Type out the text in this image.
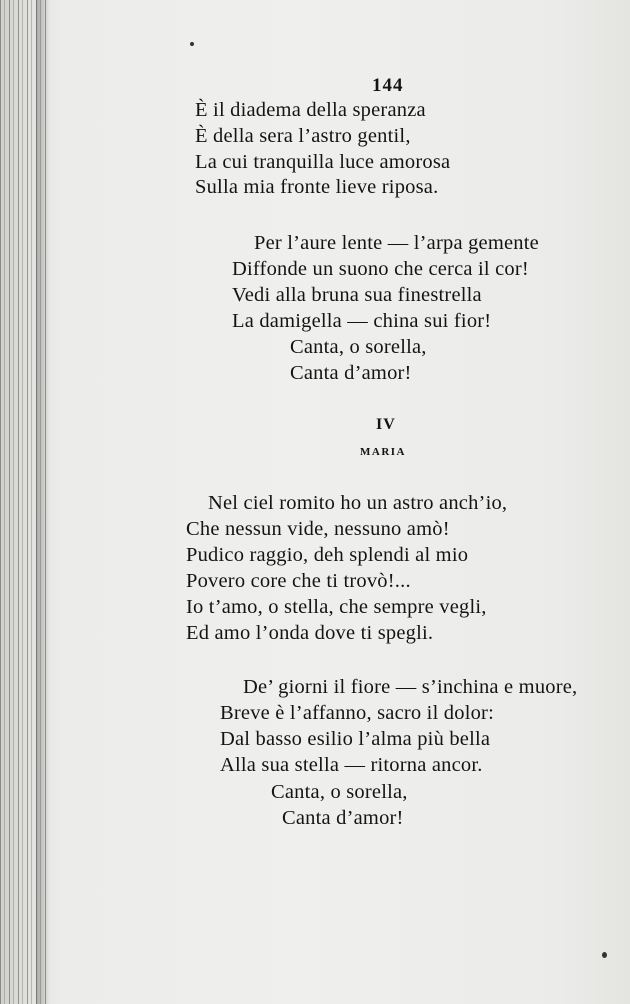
144
È il diadema della speranza
È della sera l’astro gentil,
La cui tranquilla luce amorosa
Sulla mia fronte lieve riposa.
Per l’aure lente — l’arpa gemente
Diffonde un suono che cerca il cor!
Vedi alla bruna sua finestrella
La damigella — china sui fior!
Canta, o sorella,
Canta d’amor!
IV
MARIA
Nel ciel romito ho un astro anch’io,
Che nessun vide, nessuno amò!
Pudico raggio, deh splendi al mio
Povero core che ti trovò!...
Io t’amo, o stella, che sempre vegli,
Ed amo l’onda dove ti spegli.
De’ giorni il fiore — s’inchina e muore,
Breve è l’affanno, sacro il dolor:
Dal basso esilio l’alma più bella
Alla sua stella — ritorna ancor.
Canta, o sorella,
Canta d’amor!
